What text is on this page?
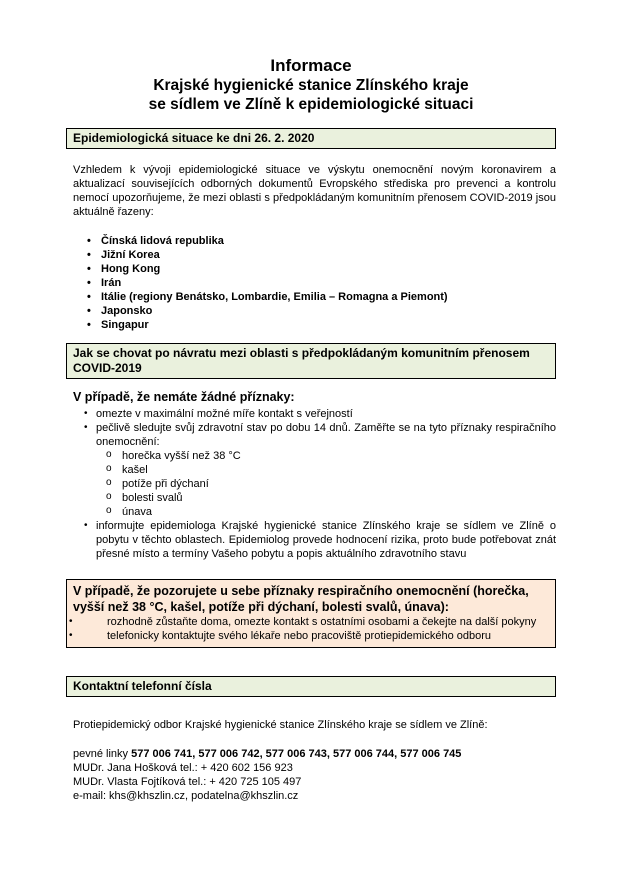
Informace
Krajské hygienické stanice Zlínského kraje
se sídlem ve Zlíně k epidemiologické situaci
Epidemiologická situace ke dni 26. 2. 2020

Vzhledem k vývoji epidemiologické situace ve výskytu onemocnění novým koronavirem a aktualizací souvisejících odborných dokumentů Evropského střediska pro prevenci a kontrolu nemocí upozorňujeme, že mezi oblasti s předpokládaným komunitním přenosem COVID-2019 jsou aktuálně řazeny:

• Čínská lidová republika
• Jižní Korea
• Hong Kong
• Irán
• Itálie (regiony Benátsko, Lombardie, Emilia – Romagna a Piemont)
• Japonsko
• Singapur
Jak se chovat po návratu mezi oblasti s předpokládaným komunitním přenosem COVID-2019
V případě, že nemáte žádné příznaky:
• omezte v maximální možné míře kontakt s veřejností
• pečlivě sledujte svůj zdravotní stav po dobu 14 dnů. Zaměřte se na tyto příznaky respiračního onemocnění:
o horečka vyšší než 38 °C
o kašel
o potíže při dýchaní
o bolesti svalů
o únava
• informujte epidemiologa Krajské hygienické stanice Zlínského kraje se sídlem ve Zlíně o pobytu v těchto oblastech. Epidemiolog provede hodnocení rizika, proto bude potřebovat znát přesné místo a termíny Vašeho pobytu a popis aktuálního zdravotního stavu
V případě, že pozorujete u sebe příznaky respiračního onemocnění (horečka, vyšší než 38 °C, kašel, potíže při dýchaní, bolesti svalů, únava):
• rozhodně zůstaňte doma, omezte kontakt s ostatními osobami a čekejte na další pokyny
• telefonicky kontaktujte svého lékaře nebo pracoviště protiepidemického odboru
Kontaktní telefonní čísla

Protiepidemický odbor Krajské hygienické stanice Zlínského kraje se sídlem ve Zlíně:

pevné linky 577 006 741, 577 006 742, 577 006 743, 577 006 744, 577 006 745

MUDr. Jana Hošková tel.: + 420 602 156 923

MUDr. Vlasta Fojtíková tel.: + 420 725 105 497

e-mail: khs@khszlin.cz, podatelna@khszlin.cz
